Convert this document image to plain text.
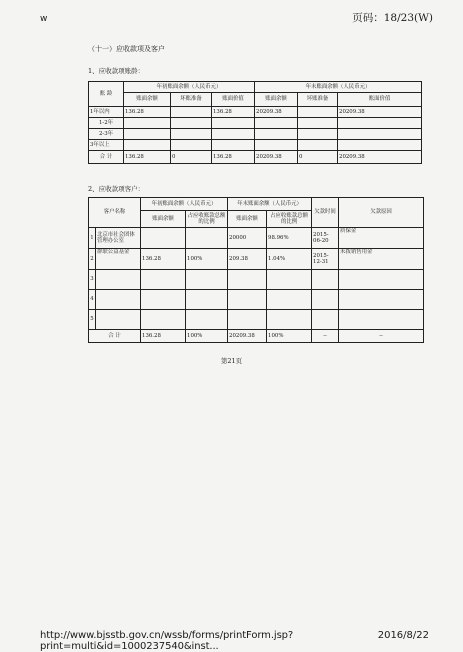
w	页码：18/23(W)
（十一）应收款项及客户
1、应收款项账龄：
账 龄	年初账面余额（人民币元）			年末账面余额（人民币元）		
	账面余额	坏账准备	账面价值	账面余额	坏账准备	账面价值
1年以内	136.28		136.28	20209.38		20209.38
1-2年						
2-3年						
3年以上						
合 计	136.28	0	136.28	20209.38	0	20209.38
2、应收款项客户：
客户名称		年初账面余额（人民币元）		年末账面余额（人民币元）		欠款时间	欠款原因
		账面余额	占应收账款总额的比例	账面余额	占应收账款总额的比例		
1	北京市社会团体管理办公室			20000	98.96%	2015-06-20	质保金
2	群联公益基金	136.28	100%	209.38	1.04%	2015-12-31	未拨销售用金
3							
4							
5							
合 计		136.28	100%	20209.38	100%	--	--
第21页
http://www.bjsstb.gov.cn/wssb/forms/printForm.jsp?print=multi&id=1000237540&inst...
2016/8/22
